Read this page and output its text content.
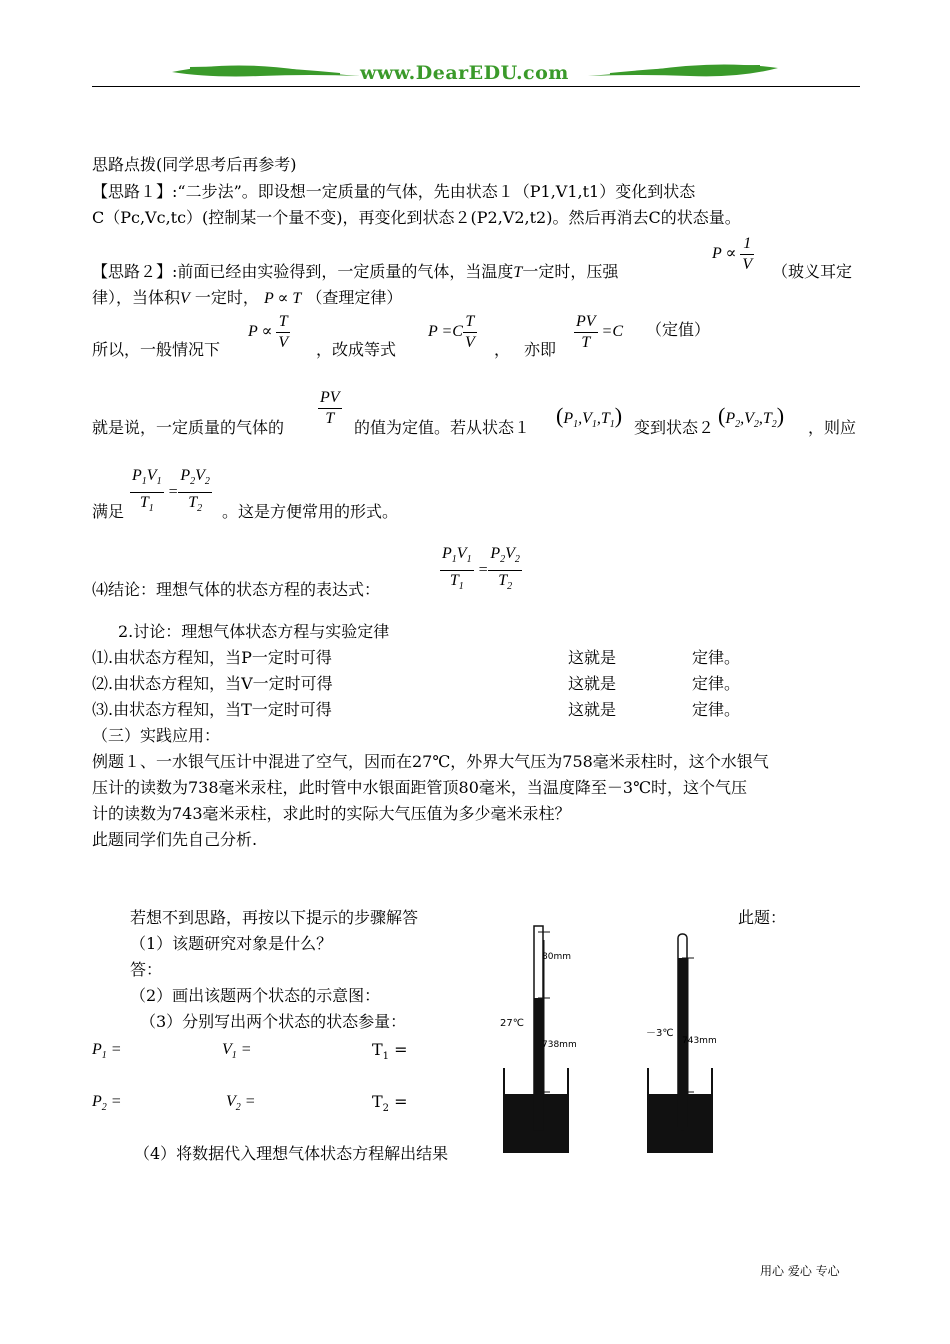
www.DearEDU.com
思路点拨(同学思考后再参考)
【思路１】:“二步法”。即设想一定质量的气体，先由状态１（P1,V1,t1）变化到状态
C（Pc,Vc,tc）(控制某一个量不变)，再变化到状态２(P2,V2,t2)。然后再消去C的状态量。
【思路２】:前面已经由实验得到，一定质量的气体，当温度T一定时，压强
$P \propto \frac{1}{V}$ （玻义耳定
律），当体积V 一定时， P ∝ T （查理定律）
所以，一般情况下
$P \propto \frac{T}{V}$ ，改成等式
$P =C \frac{T}{V}$ ， 亦即 $\frac{PV}{T} =C$ （定值）
就是说，一定质量的气体的 $\frac{PV}{T}$ 的值为定值。若从状态１ $(P_1,V_1,T_1)$ 变到状态２ $(P_2,V_2,T_2)$ ，则应
满足 $\frac{P_1V_1}{T_1} = \frac{P_2V_2}{T_2}$ 。这是方便常用的形式。
⑷结论：理想气体的状态方程的表达式：	$\frac{P_1V_1}{T_1} = \frac{P_2V_2}{T_2}$
2.讨论：理想气体状态方程与实验定律
⑴.由状态方程知，当P一定时可得	这就是	定律。
⑵.由状态方程知，当V一定时可得	这就是	定律。
⑶.由状态方程知，当T一定时可得	这就是	定律。
（三）实践应用：
例题１、一水银气压计中混进了空气，因而在27℃，外界大气压为758毫米汞柱时，这个水银气
压计的读数为738毫米汞柱，此时管中水银面距管顶80毫米，当温度降至－3℃时，这个气压
计的读数为743毫米汞柱，求此时的实际大气压值为多少毫米汞柱？
此题同学们先自己分析.
若想不到思路，再按以下提示的步骤解答	此题：
（1）该题研究对象是什么？
答：
（2）画出该题两个状态的示意图：
（3）分别写出两个状态的状态参量：
$P_1$ =	$V_1$ =	$T_1$ =
$P_2$ =	$V_2$ =	$T_2$ =
（4）将数据代入理想气体状态方程解出结果
80mm
738mm
27℃
－3℃
743mm
用心 爱心 专心
